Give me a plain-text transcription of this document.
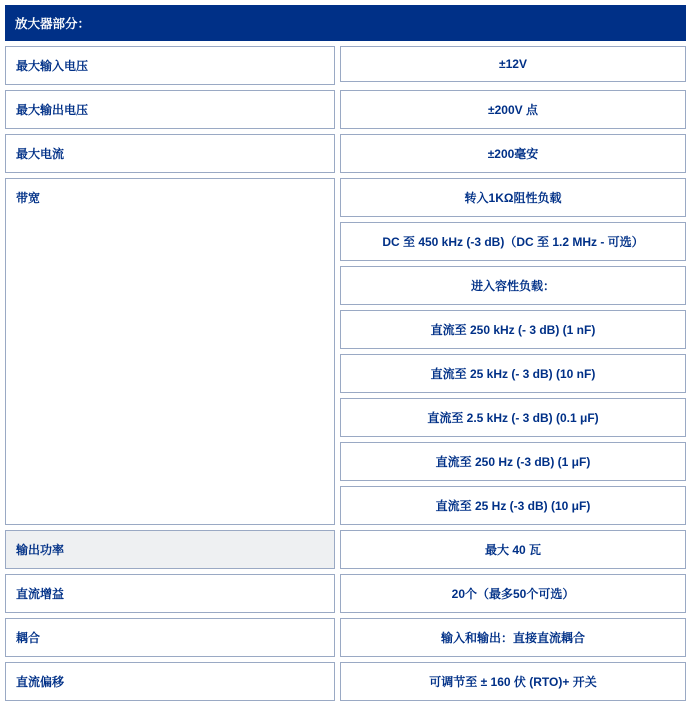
放大器部分：
最大输入电压	±12V
最大输出电压	±200V 点
最大电流	±200毫安
带宽	转入1KΩ阻性负载
DC 至 450 kHz (-3 dB)（DC 至 1.2 MHz - 可选）
进入容性负载：
直流至 250 kHz (- 3 dB) (1 nF)
直流至 25 kHz (- 3 dB) (10 nF)
直流至 2.5 kHz (- 3 dB) (0.1 μF)
直流至 250 Hz (-3 dB) (1 μF)
直流至 25 Hz (-3 dB) (10 μF)
输出功率	最大 40 瓦
直流增益	20个（最多50个可选）
耦合	输入和输出：直接直流耦合
直流偏移	可调节至 ± 160 伏 (RTO)+ 开关
